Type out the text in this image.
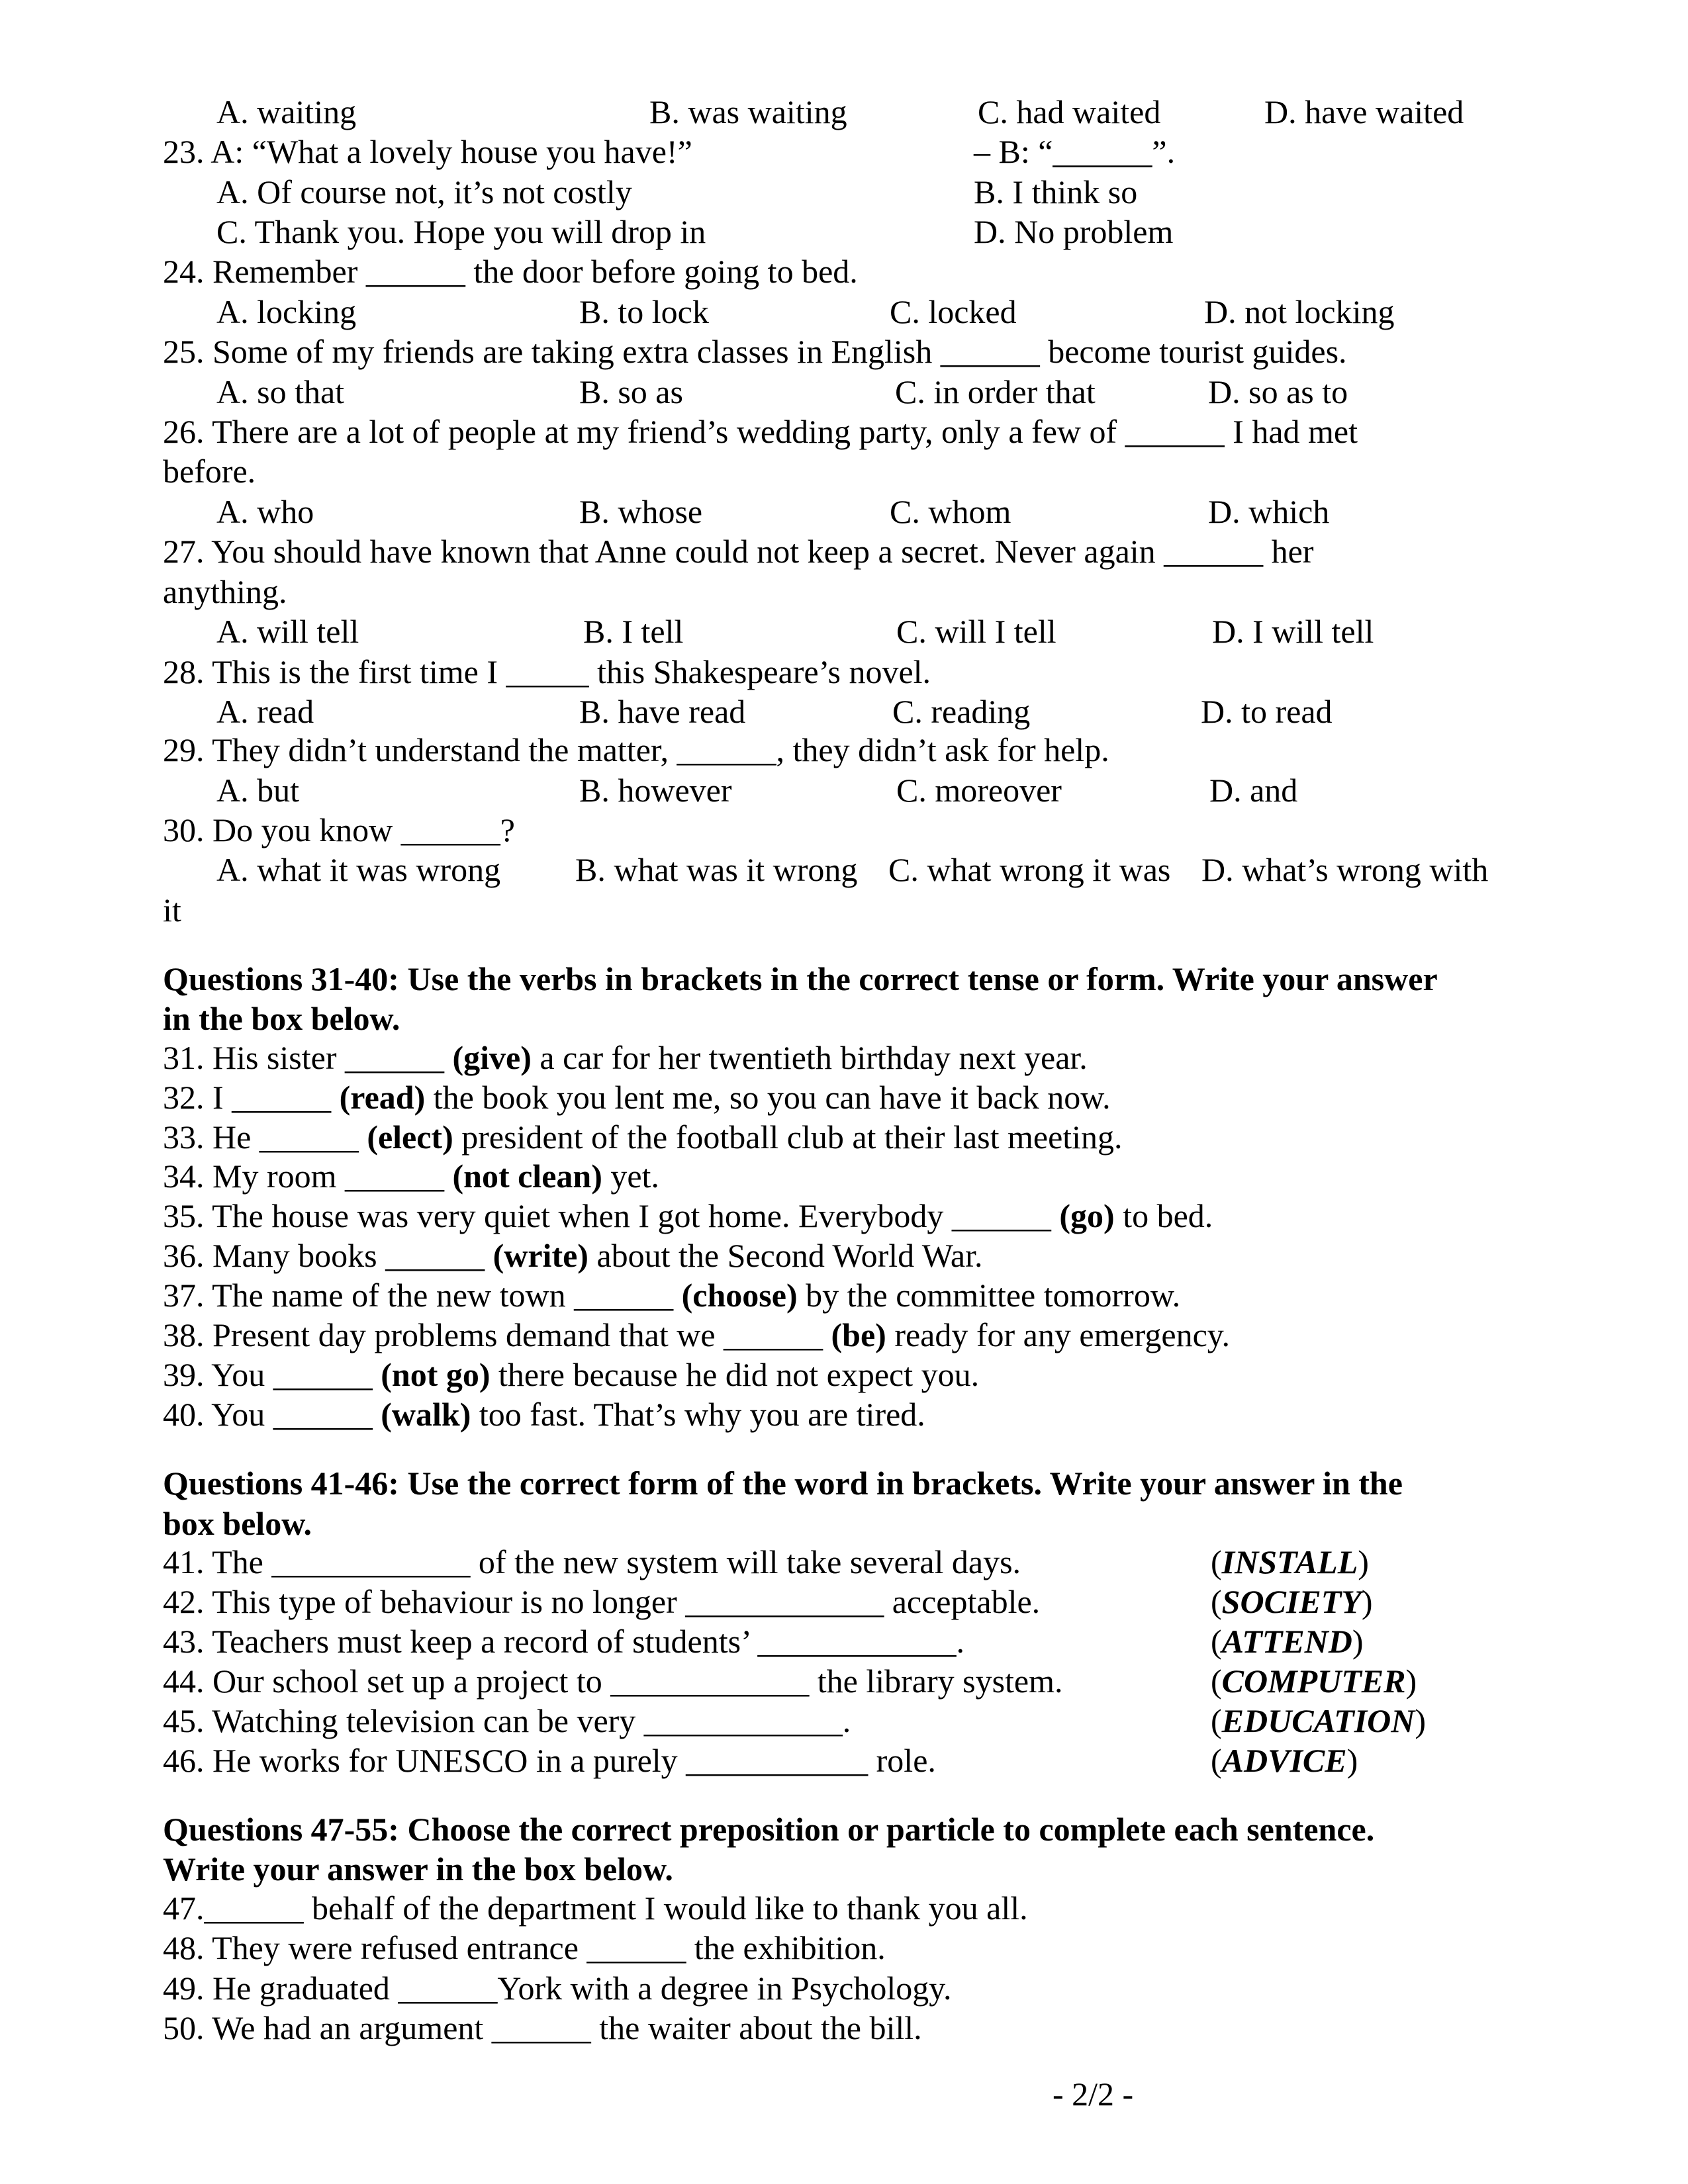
A. waiting	B. was waiting	C. had waited	D. have waited
23. A: “What a lovely house you have!”	– B: “______”.
A. Of course not, it’s not costly	B. I think so
C. Thank you. Hope you will drop in	D. No problem
24. Remember ______ the door before going to bed.
A. locking	B. to lock	C. locked	D. not locking
25. Some of my friends are taking extra classes in English ______ become tourist guides.
A. so that	B. so as	C. in order that	D. so as to
26. There are a lot of people at my friend’s wedding party, only a few of ______ I had met
before.
A. who	B. whose	C. whom	D. which
27. You should have known that Anne could not keep a secret. Never again ______ her
anything.
A. will tell	B. I tell	C. will I tell	D. I will tell
28. This is the first time I _____ this Shakespeare’s novel.
A. read	B. have read	C. reading	D. to read
29. They didn’t understand the matter, ______, they didn’t ask for help.
A. but	B. however	C. moreover	D. and
30. Do you know ______?
A. what it was wrong B. what was it wrong C. what wrong it was D. what’s wrong with
it
Questions 31-40: Use the verbs in brackets in the correct tense or form. Write your answer
in the box below.
31. His sister ______ (give) a car for her twentieth birthday next year.
32. I ______ (read) the book you lent me, so you can have it back now.
33. He ______ (elect) president of the football club at their last meeting.
34. My room ______ (not clean) yet.
35. The house was very quiet when I got home. Everybody ______ (go) to bed.
36. Many books ______ (write) about the Second World War.
37. The name of the new town ______ (choose) by the committee tomorrow.
38. Present day problems demand that we ______ (be) ready for any emergency.
39. You ______ (not go) there because he did not expect you.
40. You ______ (walk) too fast. That’s why you are tired.
Questions 41-46: Use the correct form of the word in brackets. Write your answer in the
box below.
41. The ____________ of the new system will take several days.	( INSTALL )
42. This type of behaviour is no longer ____________ acceptable.	( SOCIETY )
43. Teachers must keep a record of students’ ____________.	( ATTEND )
44. Our school set up a project to ____________ the library system.	( COMPUTER )
45. Watching television can be very ____________.	( EDUCATION )
46. He works for UNESCO in a purely ___________ role.	( ADVICE )
Questions 47-55: Choose the correct preposition or particle to complete each sentence.
Write your answer in the box below.
47.______ behalf of the department I would like to thank you all.
48. They were refused entrance ______ the exhibition.
49. He graduated ______York with a degree in Psychology.
50. We had an argument ______ the waiter about the bill.
- 2/2 -
